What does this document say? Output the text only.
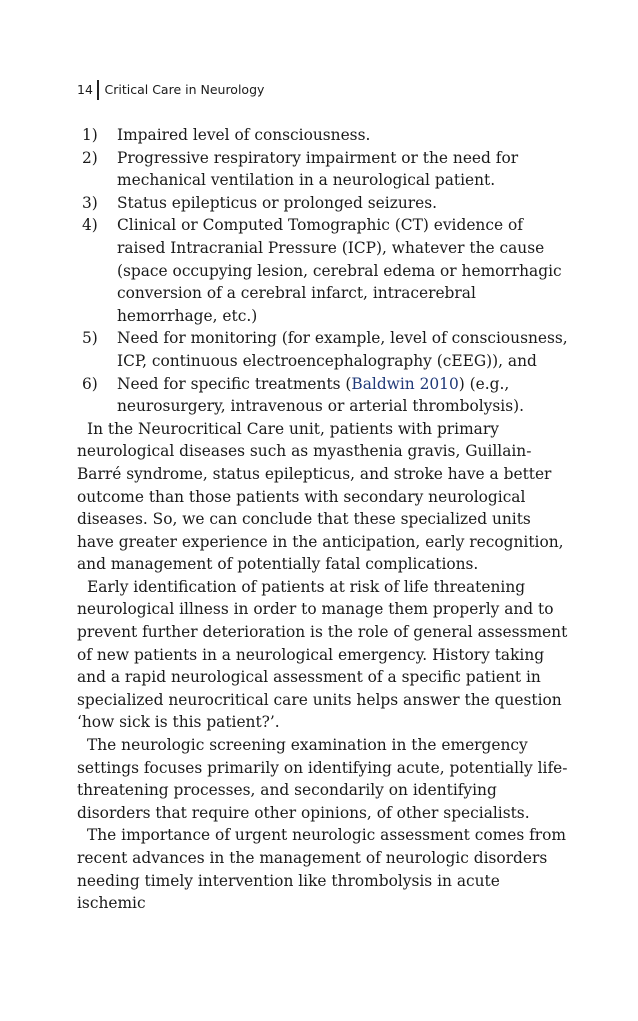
14 Critical Care in Neurology
1) Impaired level of consciousness.
2) Progressive respiratory impairment or the need for mechanical ventilation in a neurological patient.
3) Status epilepticus or prolonged seizures.
4) Clinical or Computed Tomographic (CT) evidence of raised Intracranial Pressure (ICP), whatever the cause (space occupying lesion, cerebral edema or hemorrhagic conversion of a cerebral infarct, intracerebral hemorrhage, etc.)
5) Need for monitoring (for example, level of consciousness, ICP, continuous electroencephalography (cEEG)), and
6) Need for specific treatments (Baldwin 2010) (e.g., neurosurgery, intravenous or arterial thrombolysis).

In the Neurocritical Care unit, patients with primary neurological diseases such as myasthenia gravis, Guillain-Barré syndrome, status epilepticus, and stroke have a better outcome than those patients with secondary neurological diseases. So, we can conclude that these specialized units have greater experience in the anticipation, early recognition, and management of potentially fatal complications.

Early identification of patients at risk of life threatening neurological illness in order to manage them properly and to prevent further deterioration is the role of general assessment of new patients in a neurological emergency. History taking and a rapid neurological assessment of a specific patient in specialized neurocritical care units helps answer the question ‘how sick is this patient?’.

The neurologic screening examination in the emergency settings focuses primarily on identifying acute, potentially life-threatening processes, and secondarily on identifying disorders that require other opinions, of other specialists.

The importance of urgent neurologic assessment comes from recent advances in the management of neurologic disorders needing timely intervention like thrombolysis in acute ischemic
